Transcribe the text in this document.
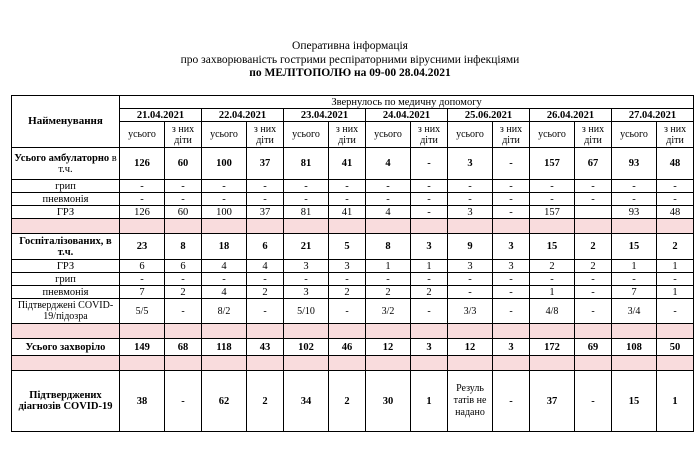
Оперативна інформація
про захворюваність гострими респіраторними вірусними інфекціями
по МЕЛІТОПОЛЮ на 09-00 28.04.2021
Найменування	Звернулось по медичну допомогу													
	21.04.2021		22.04.2021		23.04.2021		24.04.2021		25.06.2021		26.04.2021		27.04.2021	
	усього	з них діти	усього	з них діти	усього	з них діти	усього	з них діти	усього	з них діти	усього	з них діти	усього	з них діти
Усього амбулаторно в т.ч.	126	60	100	37	81	41	4	-	3	-	157	67	93	48
грип	-	-	-	-	-	-	-	-	-	-	-	-	-	-
пневмонія	-	-	-	-	-	-	-	-	-	-	-	-	-	-
ГРЗ	126	60	100	37	81	41	4	-	3	-	157		93	48

Госпіталізованих, в т.ч.	23	8	18	6	21	5	8	3	9	3	15	2	15	2
ГРЗ	6	6	4	4	3	3	1	1	3	3	2	2	1	1
грип	-	-	-	-	-	-	-	-	-	-	-	-	-	-
пневмонія	7	2	4	2	3	2	2	2	-	-	1	-	7	1
Підтверджені COVID-19/підозра	5/5	-	8/2	-	5/10	-	3/2	-	3/3	-	4/8	-	3/4	-

Усього захворіло	149	68	118	43	102	46	12	3	12	3	172	69	108	50

Підтверджених діагнозів COVID-19	38	-	62	2	34	2	30	1	Резуль татів не надано	-	37	-	15	1
